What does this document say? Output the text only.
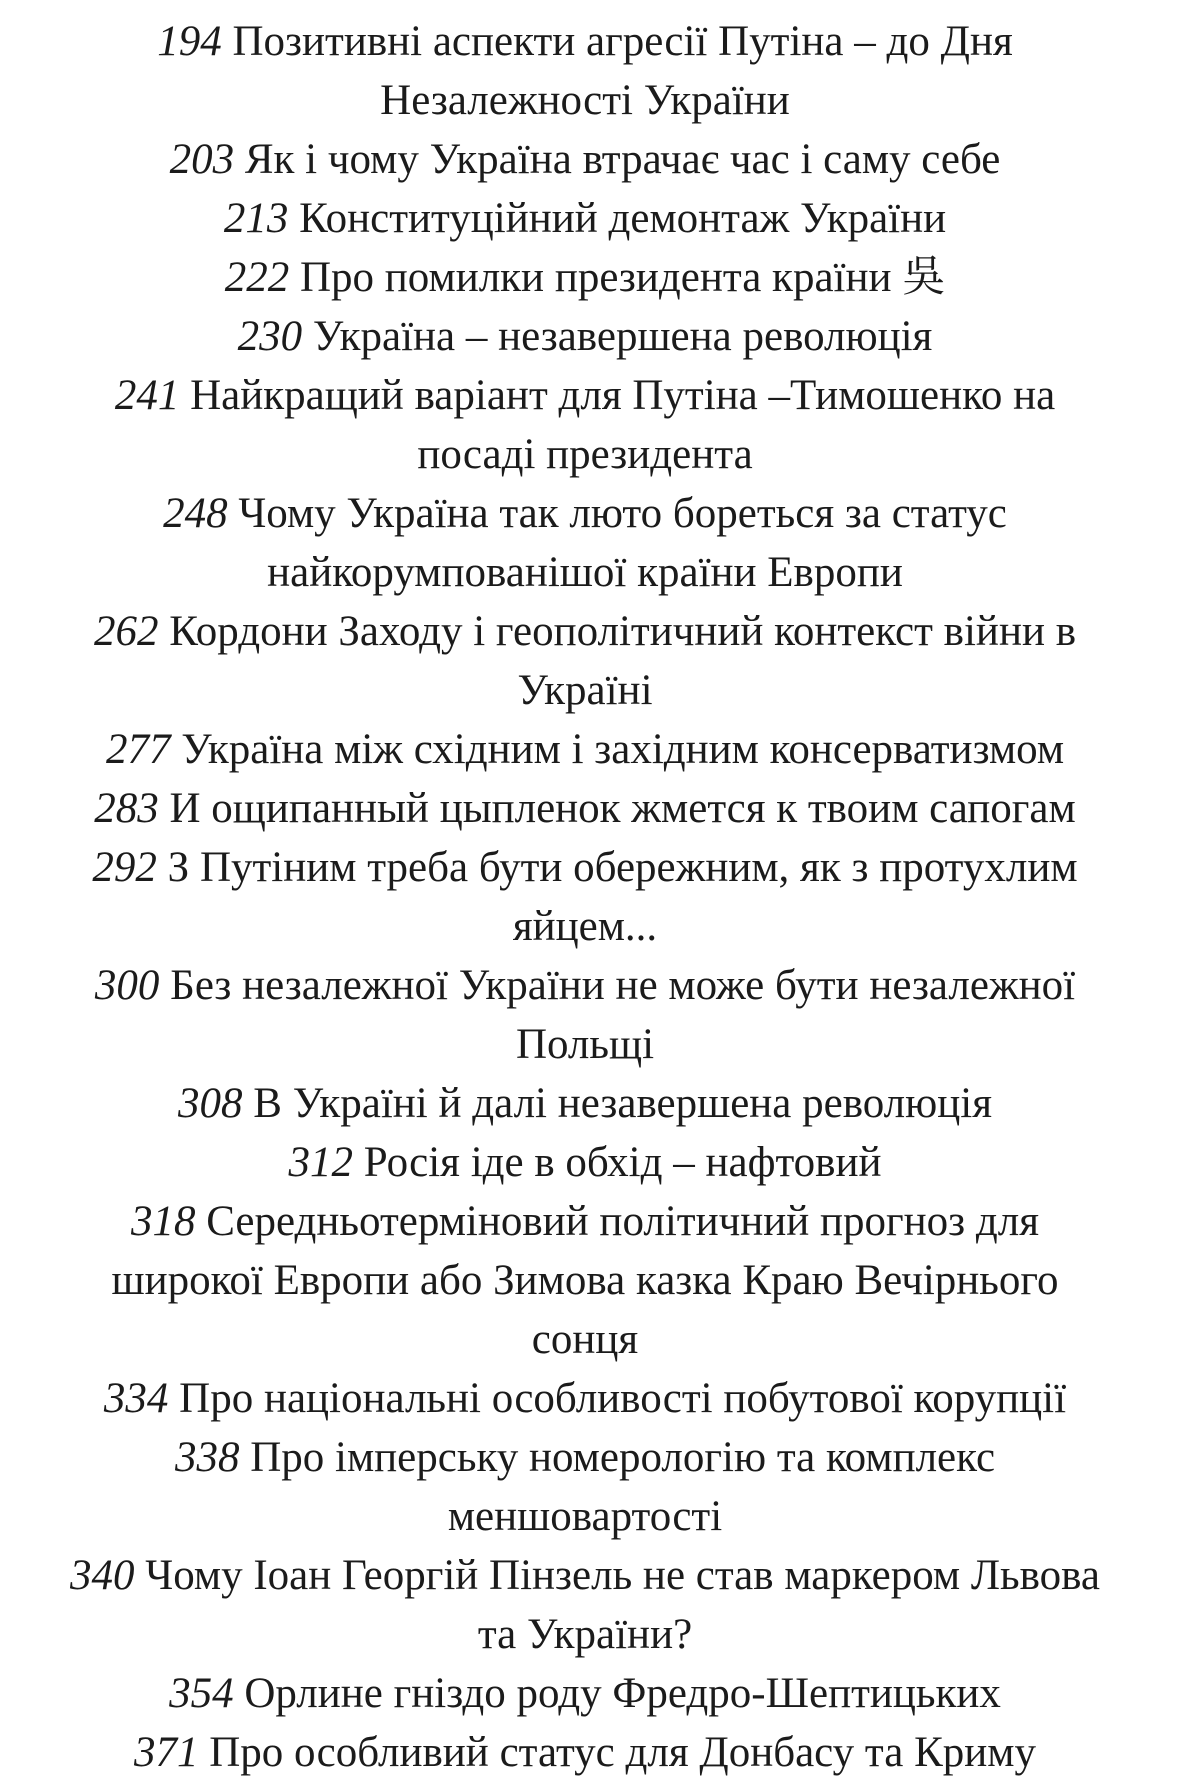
194 Позитивні аспекти агресії Путіна – до Дня Незалежності України

203 Як і чому Україна втрачає час і саму себе

213 Конституційний демонтаж України

222 Про помилки президента країни 吳

230 Україна – незавершена революція

241 Найкращий варіант для Путіна –Тимошенко на посаді президента

248 Чому Україна так люто бореться за статус найкорумпованішої країни Европи

262 Кордони Заходу і геополітичний контекст війни в Україні

277 Україна між східним і західним консерватизмом

283 И ощипанный цыпленок жмется к твоим сапогам

292 З Путіним треба бути обережним, як з протухлим яйцем...

300 Без незалежної України не може бути незалежної Польщі

308 В Україні й далі незавершена революція

312 Росія іде в обхід – нафтовий

318 Середньотерміновий політичний прогноз для широкої Европи або Зимова казка Краю Вечірнього сонця

334 Про національні особливості побутової корупції

338 Про імперську номерологію та комплекс меншовартості

340 Чому Іоан Георгій Пінзель не став маркером Львова та України?

354 Орлине гніздо роду Фредро-Шептицьких

371 Про особливий статус для Донбасу та Криму
